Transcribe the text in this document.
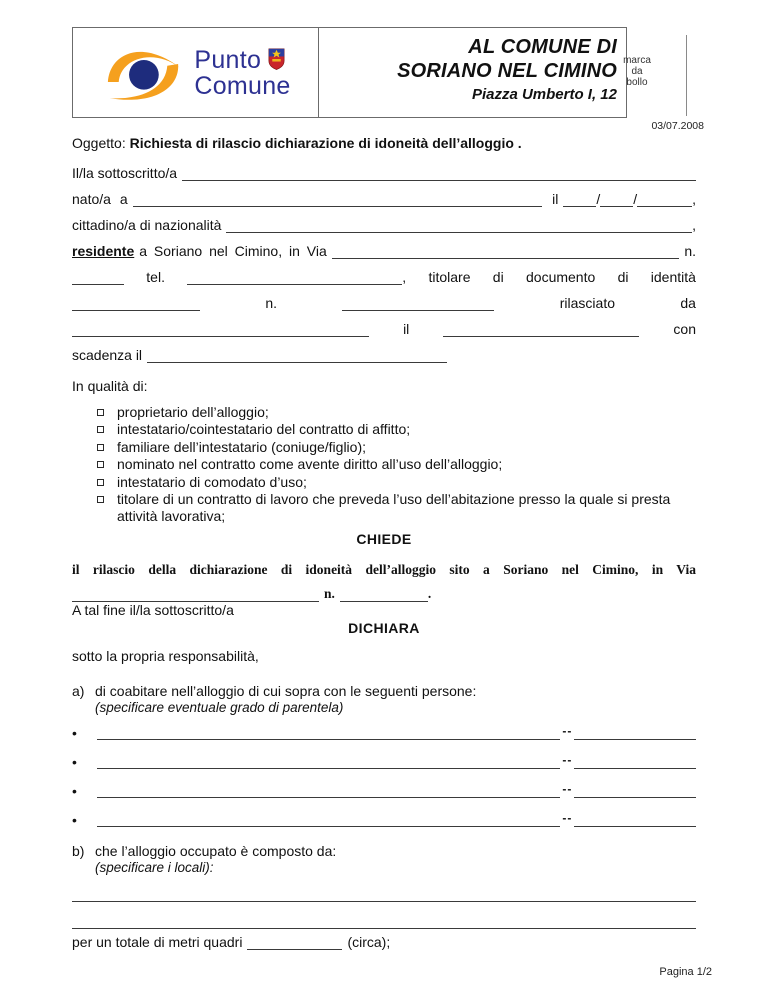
Punto
Comune
AL COMUNE DI
SORIANO NEL CIMINO
Piazza Umberto I, 12
marca
da
bollo
03/07.2008
Oggetto: Richiesta di rilascio dichiarazione di idoneità dell’alloggio .
Il/la sottoscritto/a
nato/a a	il	/ /	,
cittadino/a di nazionalità	,
residente a Soriano nel Cimino, in Via	n.
tel.	, titolare di documento di identità
n.	rilasciato	da
il	con
scadenza il
In qualità di:
proprietario dell’alloggio;
intestatario/cointestatario del contratto di affitto;
familiare dell’intestatario (coniuge/figlio);
nominato nel contratto come avente diritto all’uso dell’alloggio;
intestatario di comodato d’uso;
titolare di un contratto di lavoro che preveda l’uso dell’abitazione presso la quale si presta attività lavorativa;
CHIEDE
il rilascio della dichiarazione di idoneità dell’alloggio sito a Soriano nel Cimino, in Via
n.	.
A tal fine il/la sottoscritto/a
DICHIARA
sotto la propria responsabilità,
a) di coabitare nell’alloggio di cui sopra con le seguenti persone:
(specificare eventuale grado di parentela)
•	--
•	--
•	--
•	--
b) che l’alloggio occupato è composto da:
(specificare i locali):
per un totale di metri quadri	(circa);
Pagina 1/2
